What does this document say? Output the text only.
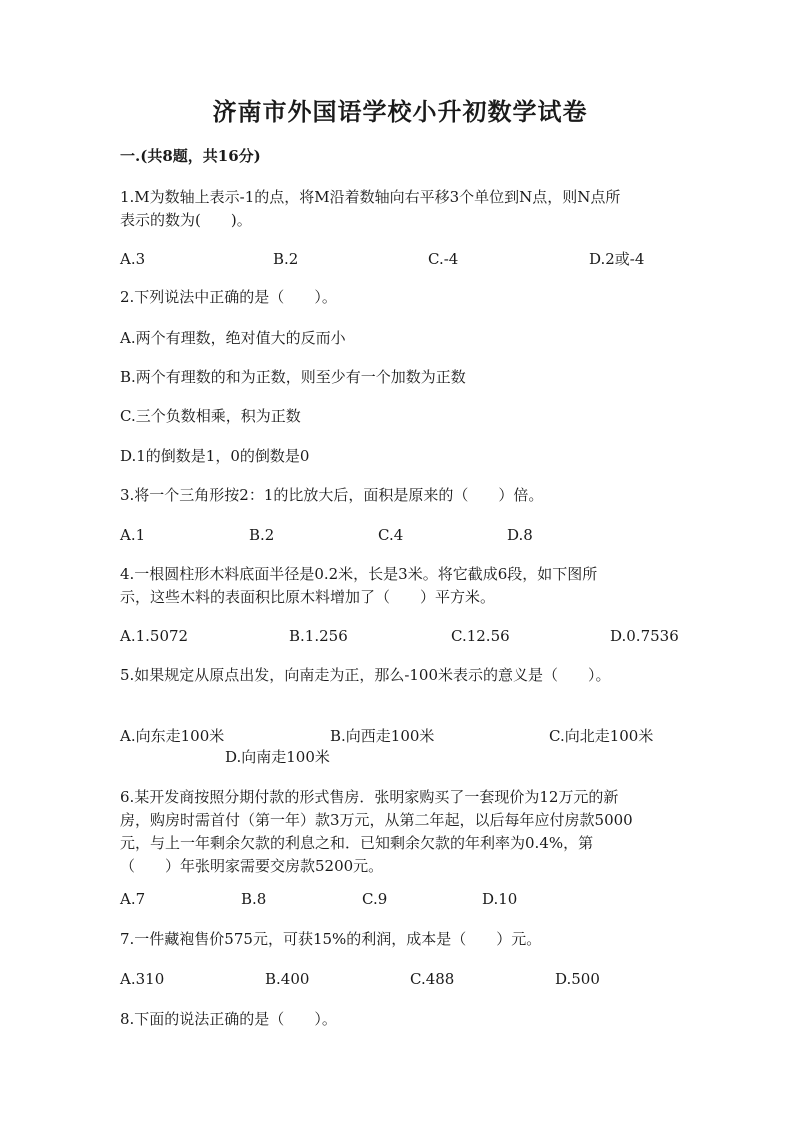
济南市外国语学校小升初数学试卷
一.(共8题，共16分)
1.M为数轴上表示-1的点，将M沿着数轴向右平移3个单位到N点，则N点所
表示的数为(　　)。
A.3	B.2	C.-4	D.2或-4
2.下列说法中正确的是（　　）。
A.两个有理数，绝对值大的反而小
B.两个有理数的和为正数，则至少有一个加数为正数
C.三个负数相乘，积为正数
D.1的倒数是1，0的倒数是0
3.将一个三角形按2：1的比放大后，面积是原来的（　　）倍。
A.1	B.2	C.4	D.8
4.一根圆柱形木料底面半径是0.2米，长是3米。将它截成6段，如下图所
示，这些木料的表面积比原木料增加了（　　）平方米。
A.1.5072	B.1.256	C.12.56	D.0.7536
5.如果规定从原点出发，向南走为正，那么-100米表示的意义是（　　）。
A.向东走100米	B.向西走100米	C.向北走100米
D.向南走100米
6.某开发商按照分期付款的形式售房．张明家购买了一套现价为12万元的新
房，购房时需首付（第一年）款3万元，从第二年起，以后每年应付房款5000
元，与上一年剩余欠款的利息之和．已知剩余欠款的年利率为0.4%，第
（　　）年张明家需要交房款5200元。
A.7	B.8	C.9	D.10
7.一件藏袍售价575元，可获15%的利润，成本是（　　）元。
A.310	B.400	C.488	D.500
8.下面的说法正确的是（　　）。
